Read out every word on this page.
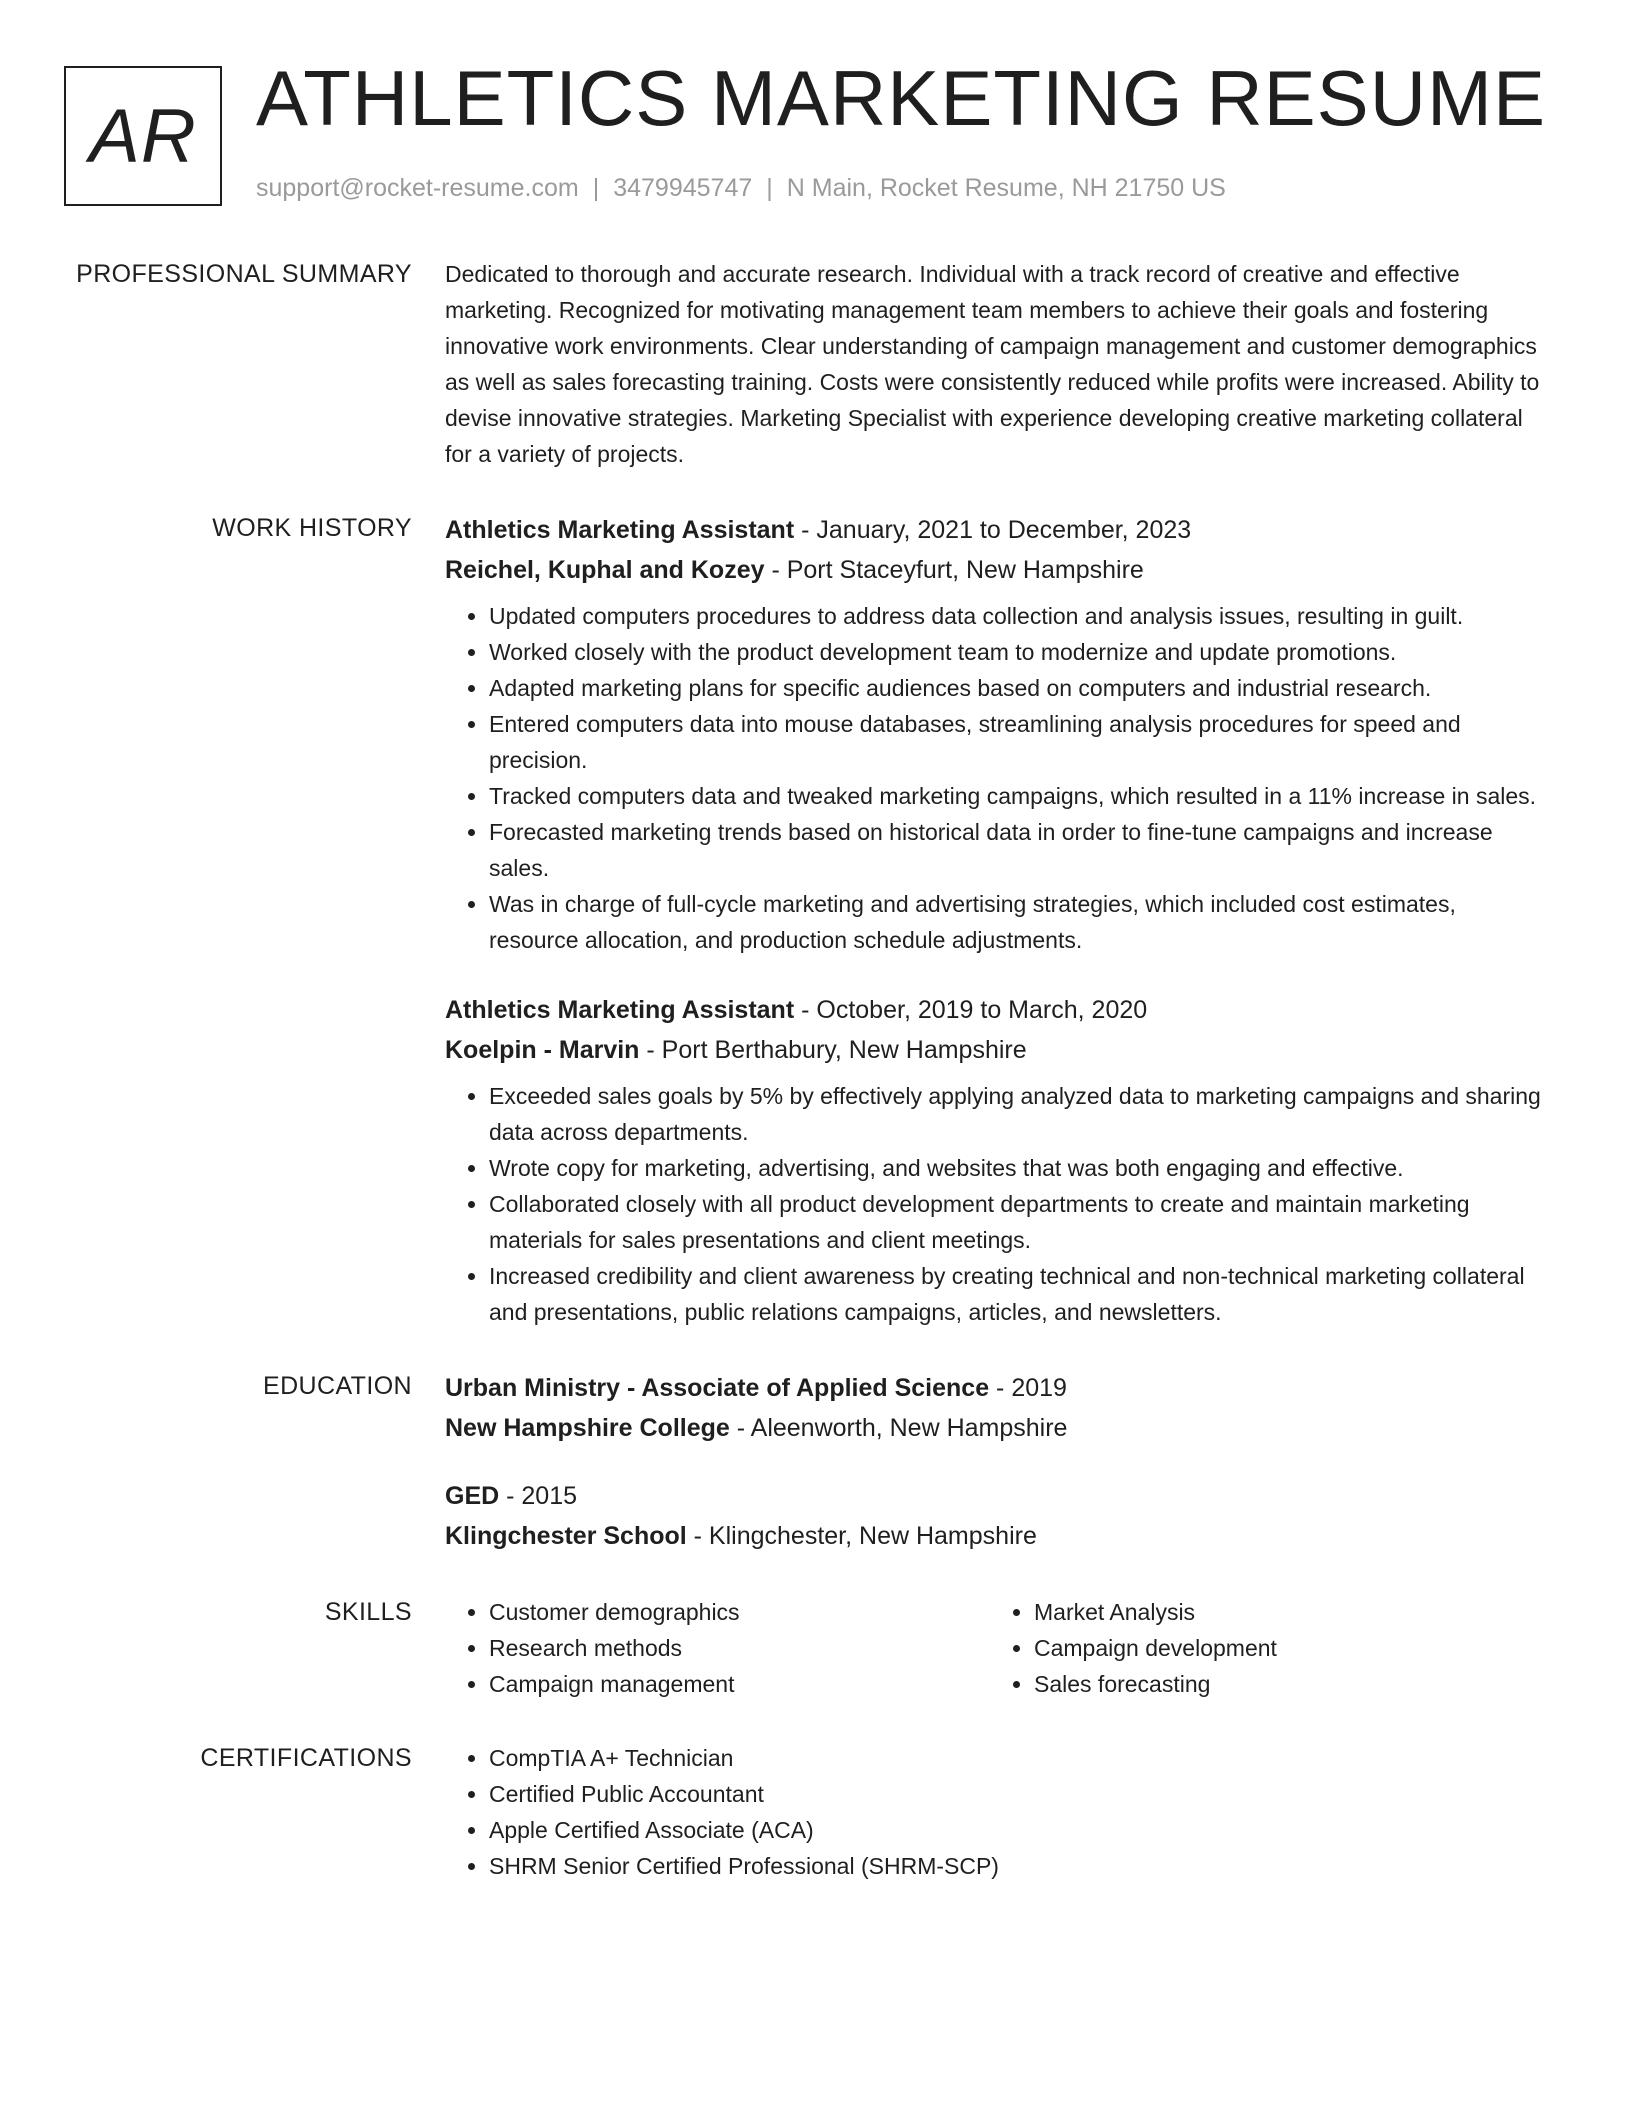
AR ATHLETICS MARKETING RESUME
support@rocket-resume.com | 3479945747 | N Main, Rocket Resume, NH 21750 US
PROFESSIONAL SUMMARY Dedicated to thorough and accurate research. Individual with a track record of creative and effective marketing. Recognized for motivating management team members to achieve their goals and fostering innovative work environments. Clear understanding of campaign management and customer demographics as well as sales forecasting training. Costs were consistently reduced while profits were increased. Ability to devise innovative strategies. Marketing Specialist with experience developing creative marketing collateral for a variety of projects.

WORK HISTORY Athletics Marketing Assistant - January, 2021 to December, 2023
Reichel, Kuphal and Kozey - Port Staceyfurt, New Hampshire
• Updated computers procedures to address data collection and analysis issues, resulting in guilt.
• Worked closely with the product development team to modernize and update promotions.
• Adapted marketing plans for specific audiences based on computers and industrial research.
• Entered computers data into mouse databases, streamlining analysis procedures for speed and precision.
• Tracked computers data and tweaked marketing campaigns, which resulted in a 11% increase in sales.
• Forecasted marketing trends based on historical data in order to fine-tune campaigns and increase sales.
• Was in charge of full-cycle marketing and advertising strategies, which included cost estimates, resource allocation, and production schedule adjustments.
Athletics Marketing Assistant - October, 2019 to March, 2020
Koelpin - Marvin - Port Berthabury, New Hampshire
• Exceeded sales goals by 5% by effectively applying analyzed data to marketing campaigns and sharing data across departments.
• Wrote copy for marketing, advertising, and websites that was both engaging and effective.
• Collaborated closely with all product development departments to create and maintain marketing materials for sales presentations and client meetings.
• Increased credibility and client awareness by creating technical and non-technical marketing collateral and presentations, public relations campaigns, articles, and newsletters.
EDUCATION Urban Ministry - Associate of Applied Science - 2019
New Hampshire College - Aleenworth, New Hampshire
GED - 2015
Klingchester School - Klingchester, New Hampshire
SKILLS	• Customer demographics
• Research methods
• Campaign management
• Market Analysis
• Campaign development
• Sales forecasting
CERTIFICATIONS	• CompTIA A+ Technician
• Certified Public Accountant
• Apple Certified Associate (ACA)
• SHRM Senior Certified Professional (SHRM-SCP)
